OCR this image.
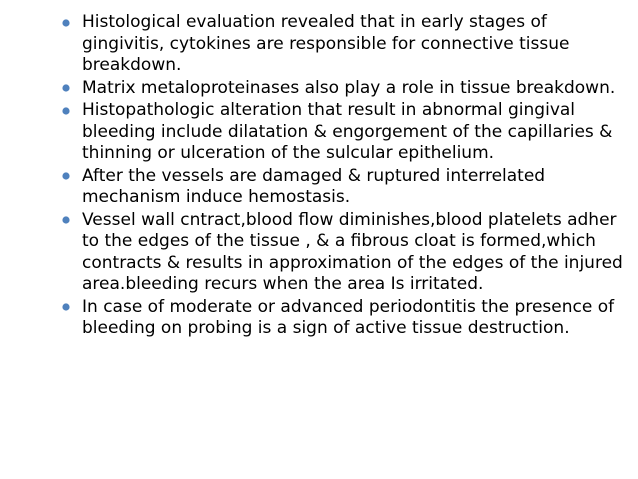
Histological evaluation revealed that in early stages of gingivitis, cytokines are responsible for connective tissue breakdown.
Matrix metaloproteinases also play a role in tissue breakdown.
Histopathologic alteration that result in abnormal gingival bleeding include dilatation & engorgement of the capillaries & thinning or ulceration of the sulcular epithelium.
After the vessels are damaged & ruptured interrelated mechanism induce hemostasis.
Vessel wall cntract,blood flow diminishes,blood platelets adher to the edges of the tissue , & a fibrous cloat is formed,which contracts & results in approximation of the edges of the injured area.bleeding recurs when the area Is irritated.
In case of moderate or advanced periodontitis the presence of bleeding on probing is a sign of active tissue destruction.
